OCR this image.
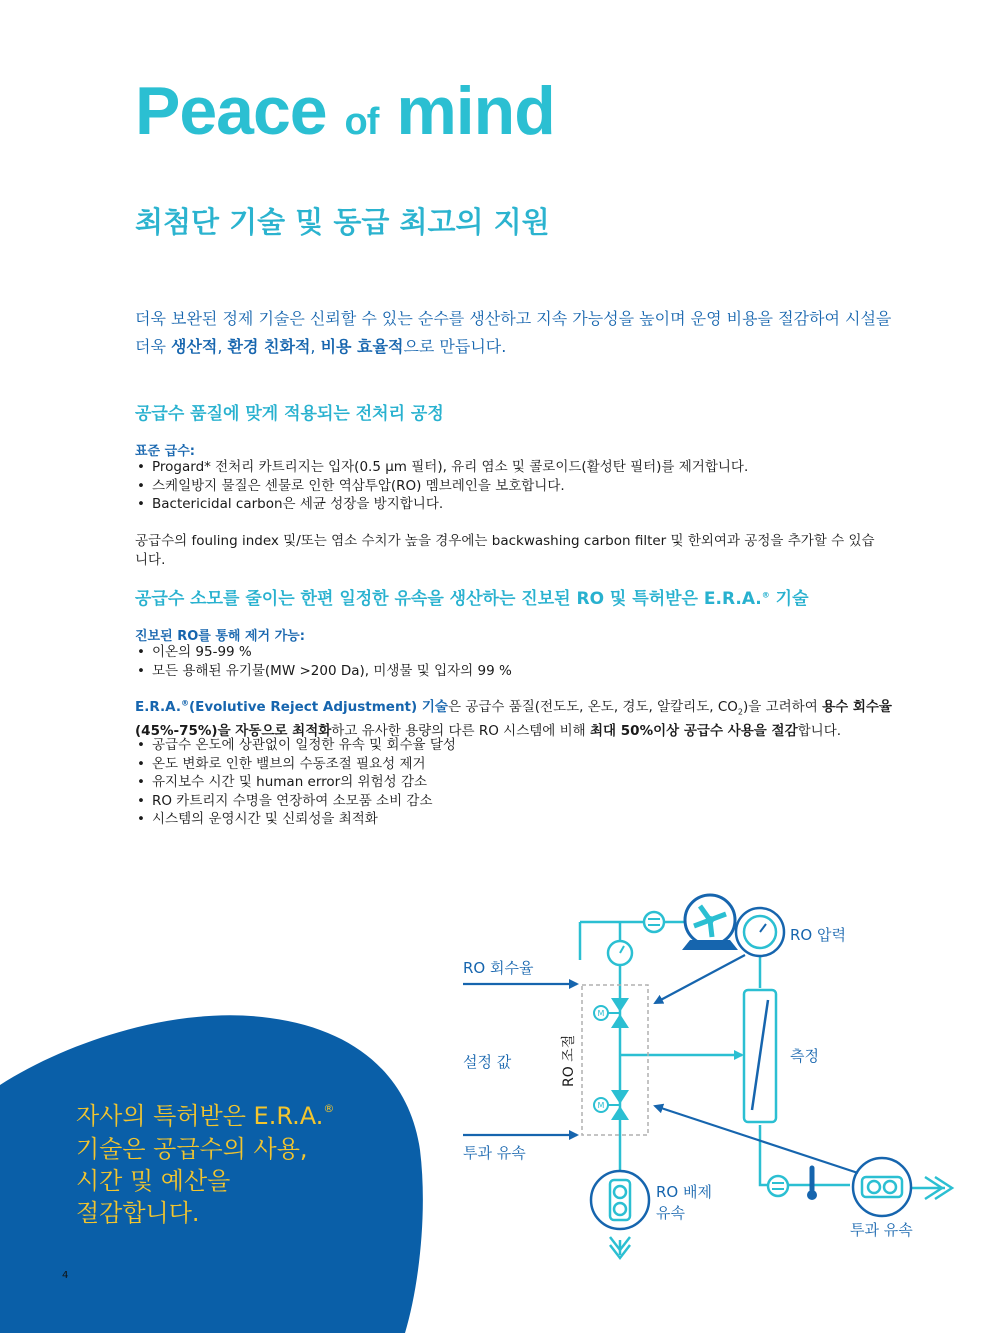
Peace of mind
최첨단 기술 및 동급 최고의 지원

더욱 보완된 정제 기술은 신뢰할 수 있는 순수를 생산하고 지속 가능성을 높이며 운영 비용을 절감하여 시설을
더욱 생산적, 환경 친화적, 비용 효율적으로 만듭니다.

공급수 품질에 맞게 적용되는 전처리 공정

표준 급수:

• Progard* 전처리 카트리지는 입자(0.5 µm 필터), 유리 염소 및 콜로이드(활성탄 필터)를 제거합니다.
• 스케일방지 물질은 센물로 인한 역삼투압(RO) 멤브레인을 보호합니다.
• Bactericidal carbon은 세균 성장을 방지합니다.

공급수의 fouling index 및/또는 염소 수치가 높을 경우에는 backwashing carbon filter 및 한외여과 공정을 추가할 수 있습니다.

공급수 소모를 줄이는 한편 일정한 유속을 생산하는 진보된 RO 및 특허받은 E.R.A.® 기술

진보된 RO를 통해 제거 가능:

• 이온의 95-99 %
• 모든 용해된 유기물(MW >200 Da), 미생물 및 입자의 99 %

E.R.A.®(Evolutive Reject Adjustment) 기술은 공급수 품질(전도도, 온도, 경도, 알칼리도, $CO_2$)을 고려하여 용수 회수율 (45%-75%)을 자동으로 최적화하고 유사한 용량의 다른 RO 시스템에 비해 최대 50%이상 공급수 사용을 절감합니다.

• 공급수 온도에 상관없이 일정한 유속 및 회수율 달성
• 온도 변화로 인한 밸브의 수동조절 필요성 제거
• 유지보수 시간 및 human error의 위험성 감소
• RO 카트리지 수명을 연장하여 소모품 소비 감소
• 시스템의 운영시간 및 신뢰성을 최적화
M
M
RO 압력
RO 회수율
설정 값	측정
투과 유속
RO 배제
유속
투과 유속
RO 조절
자사의 특허받은 E.R.A.®
기술은 공급수의 사용,
시간 및 예산을
절감합니다.
4
